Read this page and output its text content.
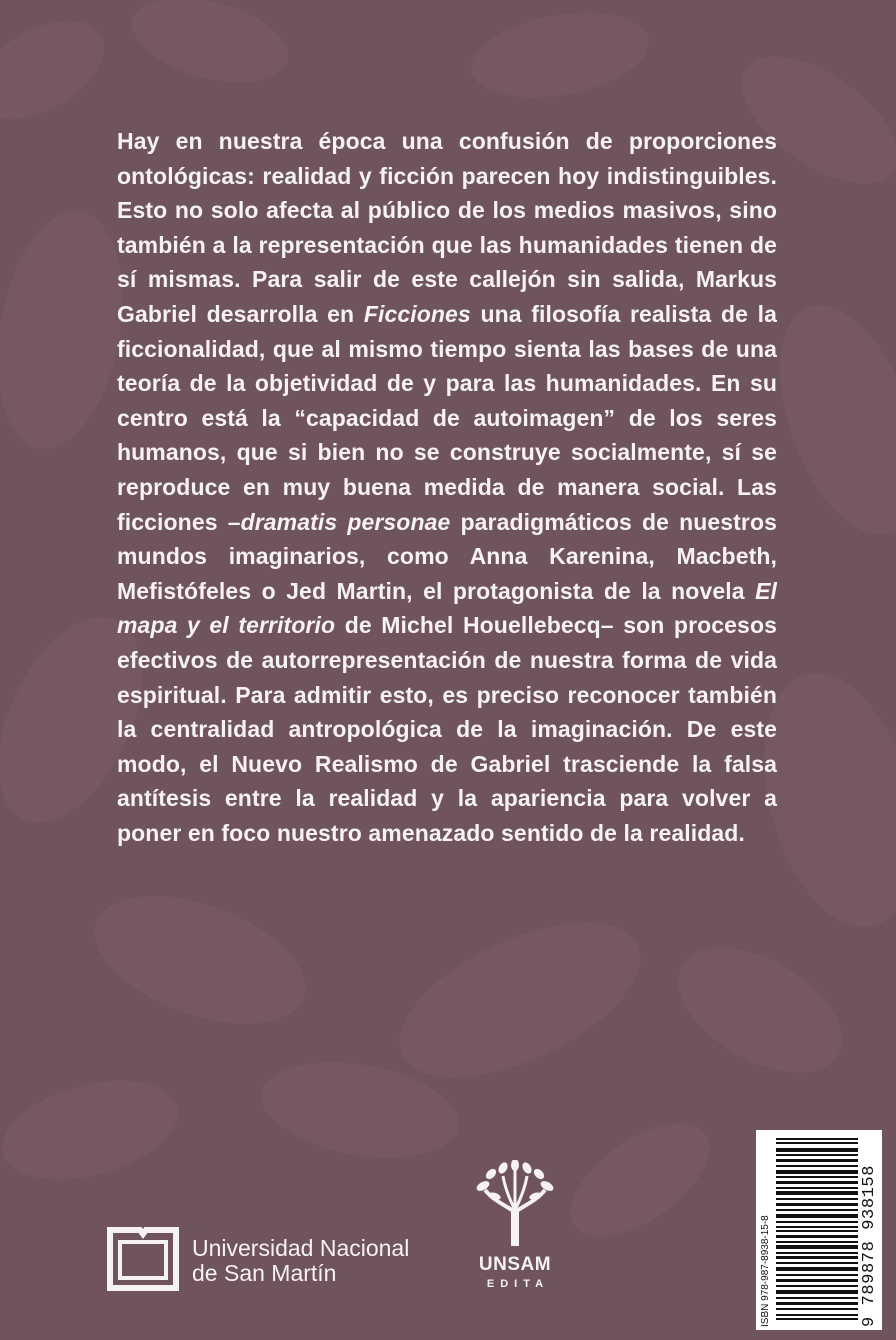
Hay en nuestra época una confusión de proporciones ontológicas: realidad y ficción parecen hoy indistinguibles. Esto no solo afecta al público de los medios masivos, sino también a la representación que las humanidades tienen de sí mismas. Para salir de este callejón sin salida, Markus Gabriel desarrolla en Ficciones una filosofía realista de la ficcionalidad, que al mismo tiempo sienta las bases de una teoría de la objetividad de y para las humanidades. En su centro está la “capacidad de autoimagen” de los seres humanos, que si bien no se construye socialmente, sí se reproduce en muy buena medida de manera social. Las ficciones –dramatis personae paradigmáticos de nuestros mundos imaginarios, como Anna Karenina, Macbeth, Mefistófeles o Jed Martin, el protagonista de la novela El mapa y el territorio de Michel Houellebecq– son procesos efectivos de autorrepresentación de nuestra forma de vida espiritual. Para admitir esto, es preciso reconocer también la centralidad antropológica de la imaginación. De este modo, el Nuevo Realismo de Gabriel trasciende la falsa antítesis entre la realidad y la apariencia para volver a poner en foco nuestro amenazado sentido de la realidad.

Universidad Nacional
de San Martín	UNSAM
EDITA	ISBN 978-987-8938-15-8	9 789878 938158
